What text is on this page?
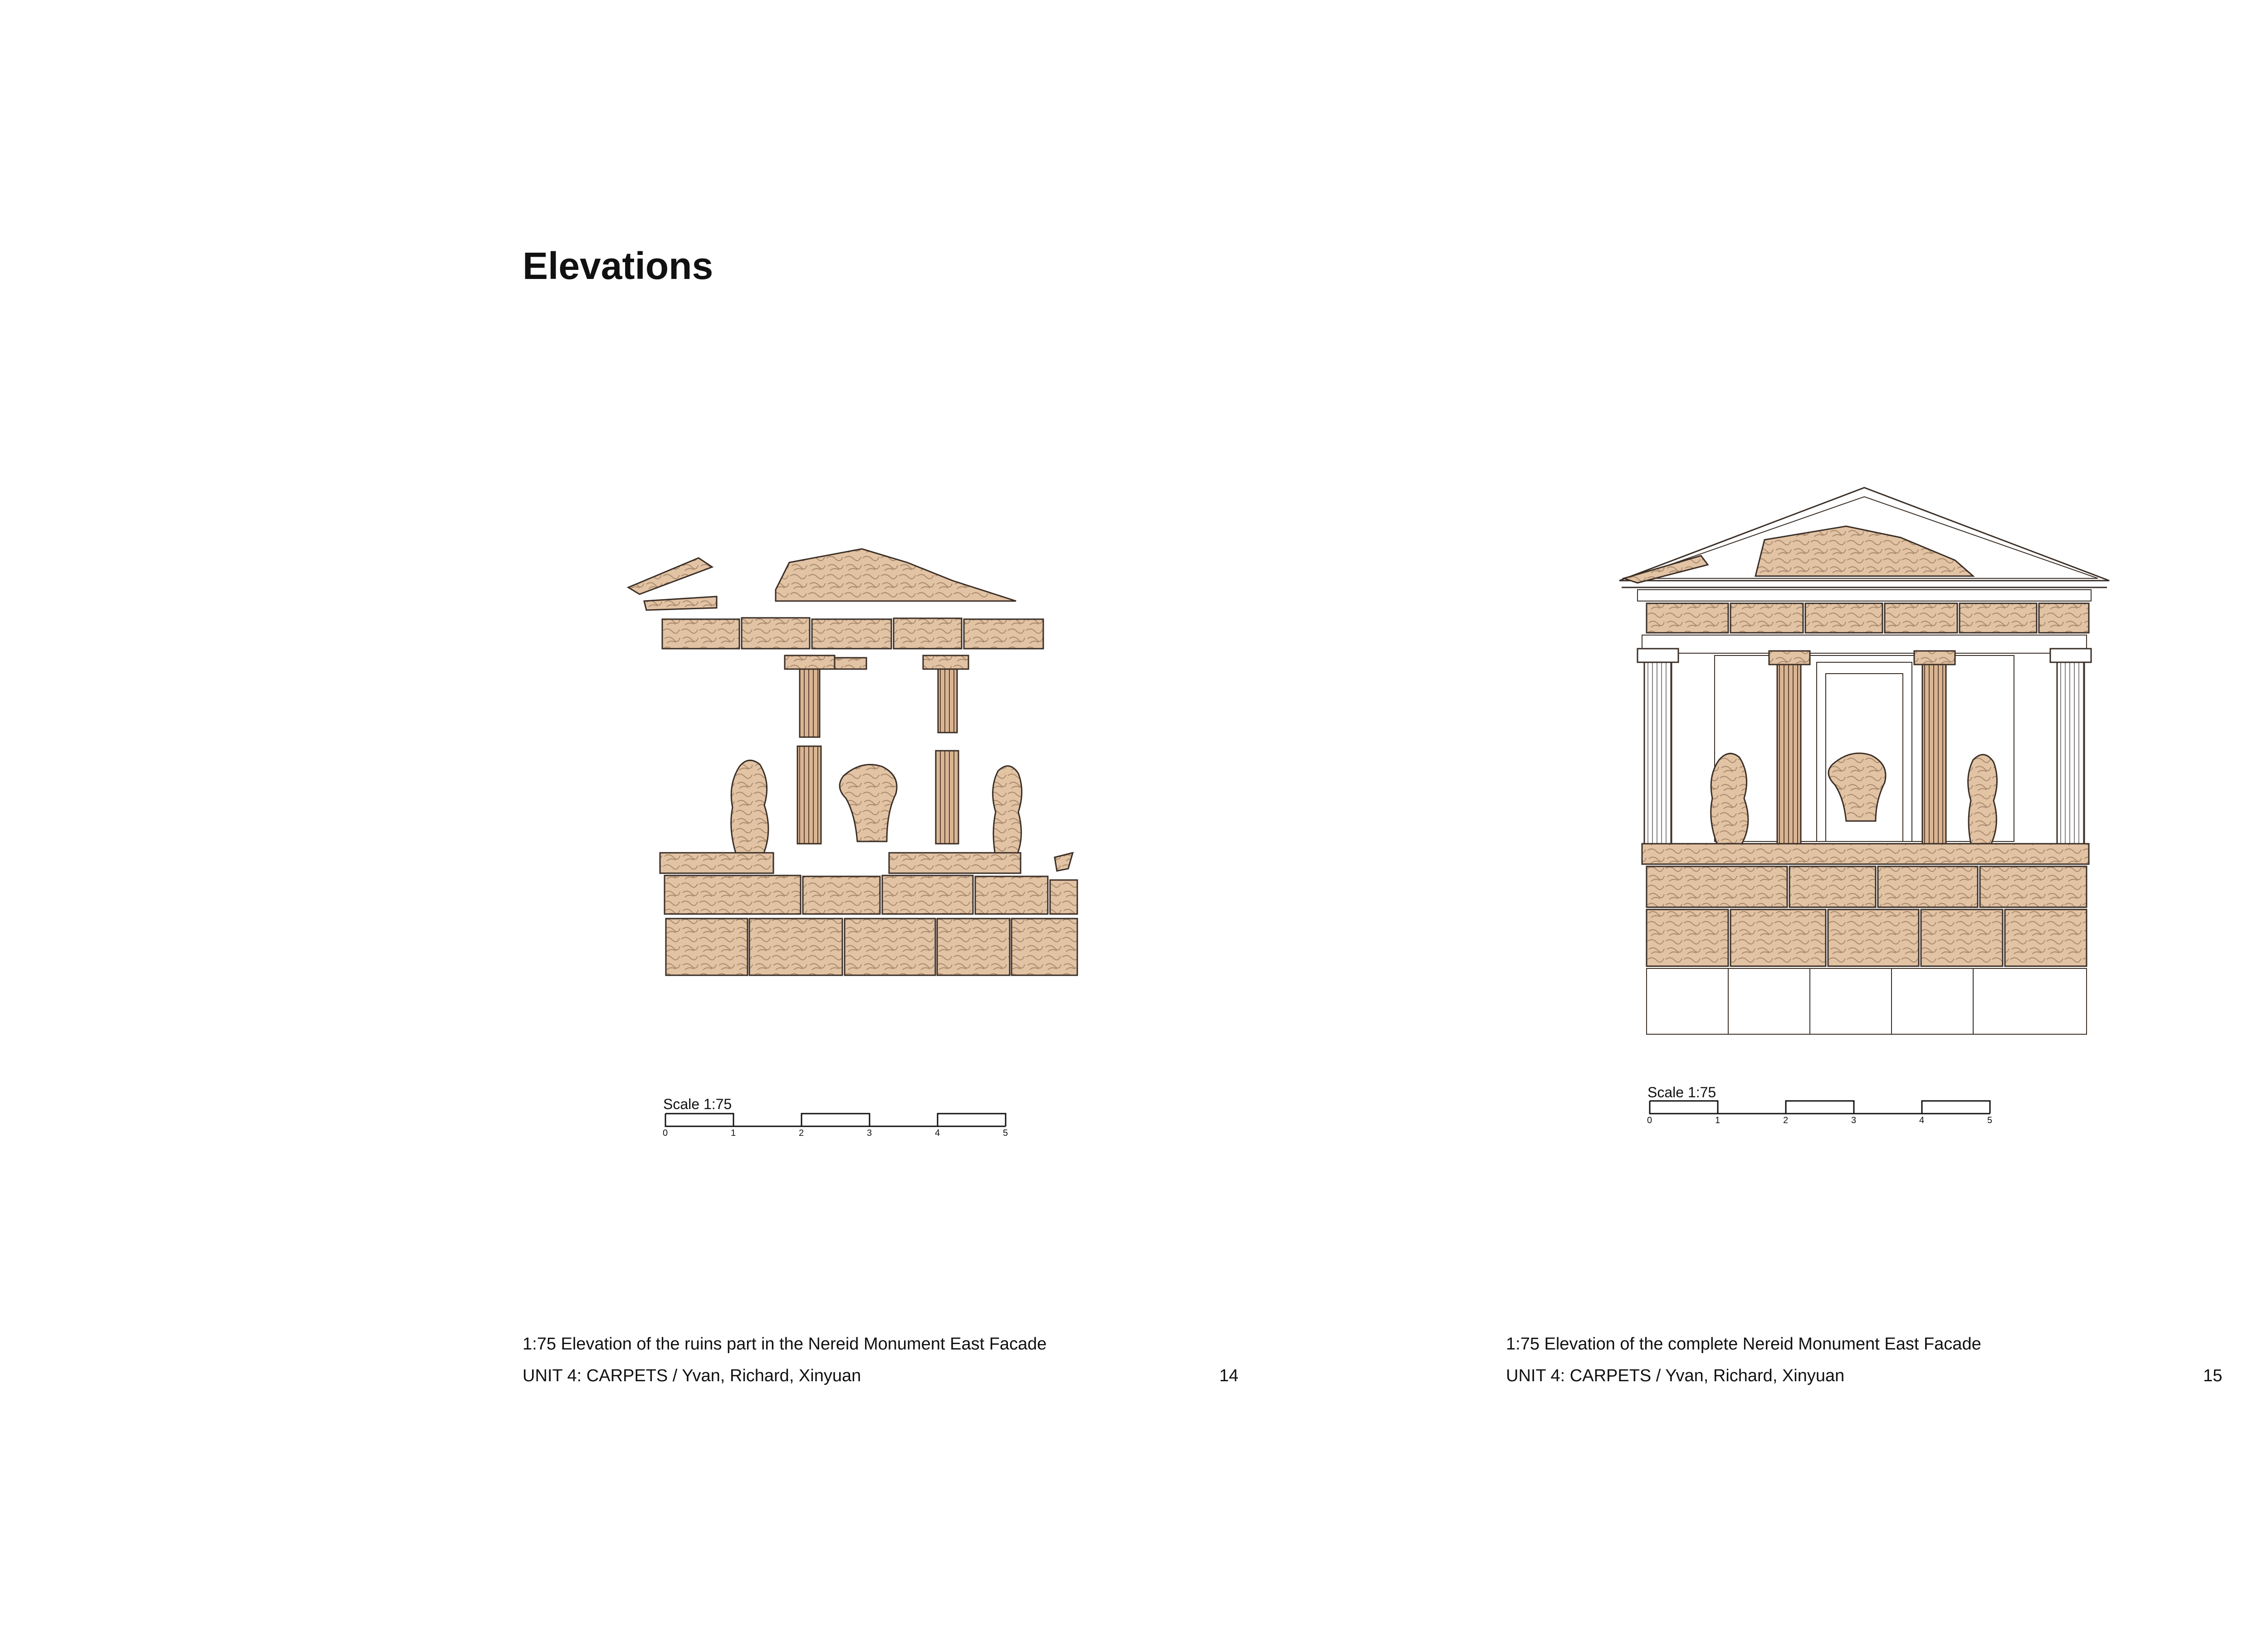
Elevations
Scale 1:75
0	1	2	3	4	5
Scale 1:75
0	1	2	3	4	5
1:75 Elevation of the ruins part in the Nereid Monument East Facade
UNIT 4: CARPETS / Yvan, Richard, Xinyuan	14
1:75 Elevation of the complete Nereid Monument East Facade
UNIT 4: CARPETS / Yvan, Richard, Xinyuan	15
